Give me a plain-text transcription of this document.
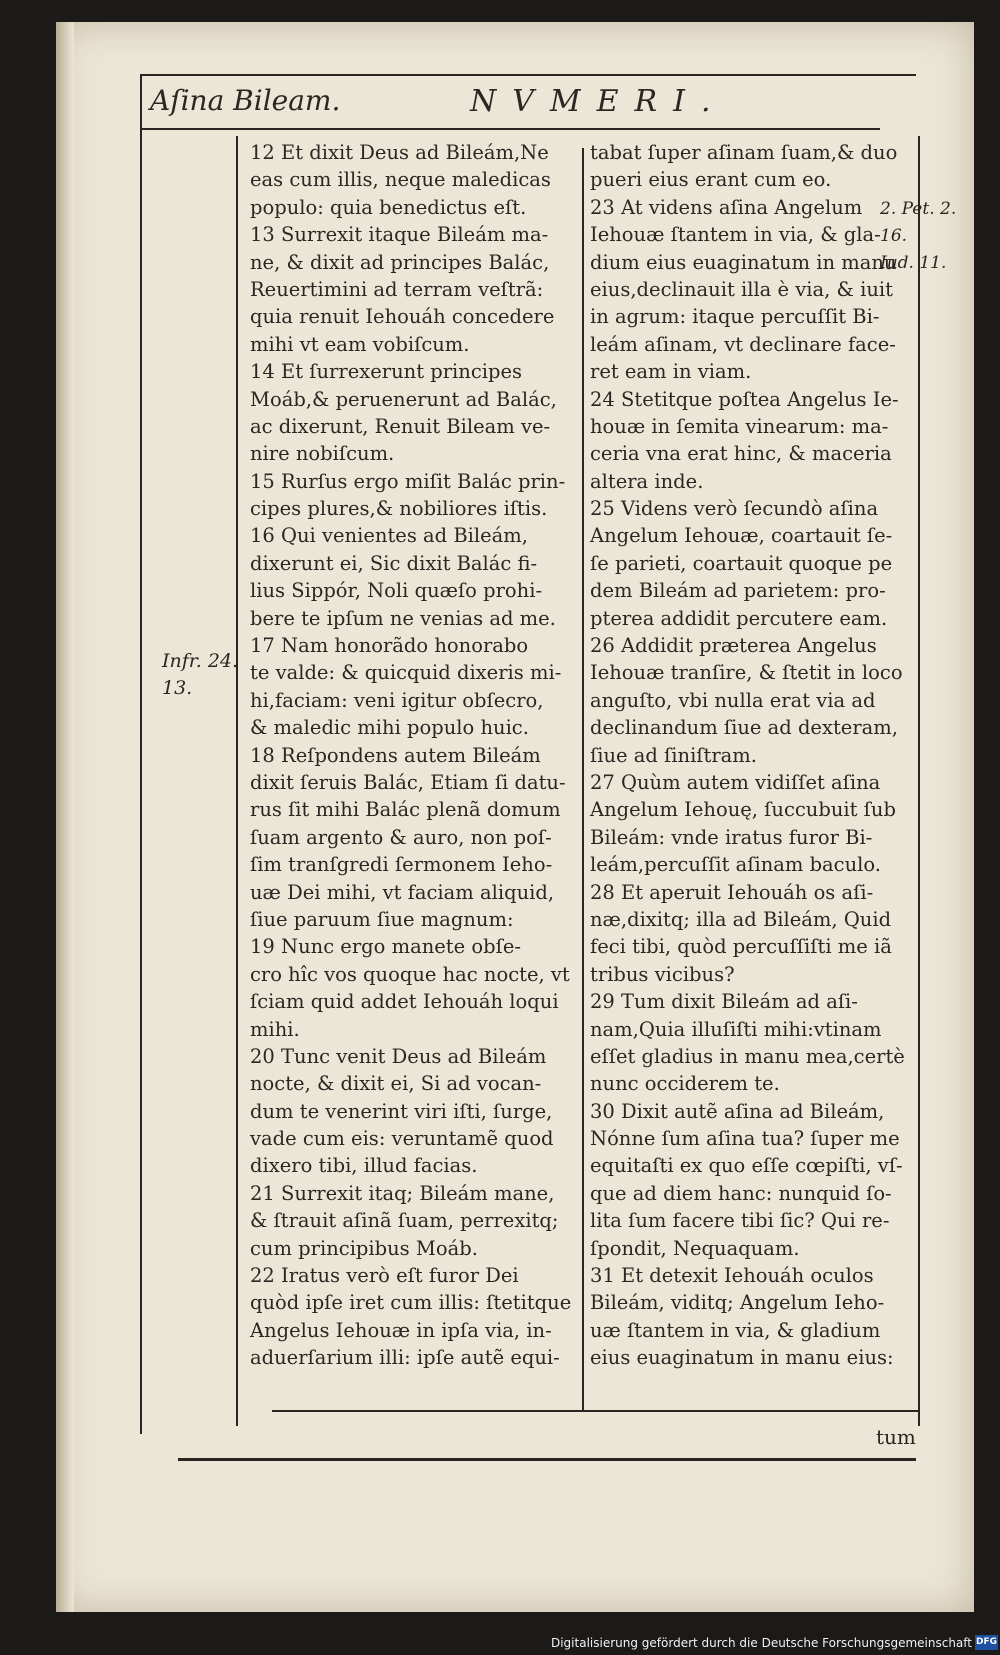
Aſina Bileam.	NVMERI.
12 Et dixit Deus ad Bileám,Ne
eas cum illis, neque maledicas
populo: quia benedictus eſt.
13 Surrexit itaque Bileám ma-
ne, & dixit ad principes Balác,
Reuertimini ad terram veſtrã:
quia renuit Iehouáh concedere
mihi vt eam vobiſcum.
14 Et ſurrexerunt principes
Moáb,& peruenerunt ad Balác,
ac dixerunt, Renuit Bileam ve-
nire nobiſcum.
15 Rurſus ergo miſit Balác prin-
cipes plures,& nobiliores iſtis.
16 Qui venientes ad Bileám,
dixerunt ei, Sic dixit Balác fi-
lius Sippór, Noli quæſo prohi-
bere te ipſum ne venias ad me.
17 Nam honorãdo honorabo
te valde: & quicquid dixeris mi-
hi,faciam: veni igitur obſecro,
& maledic mihi populo huic.
18 Reſpondens autem Bileám
dixit ſeruis Balác, Etiam ſi datu-
rus ſit mihi Balác plenã domum
ſuam argento & auro, non poſ-
ſim tranſgredi ſermonem Ieho-
uæ Dei mihi, vt faciam aliquid,
ſiue paruum ſiue magnum:
19 Nunc ergo manete obſe-
cro hîc vos quoque hac nocte, vt
ſciam quid addet Iehouáh loqui
mihi.
20 Tunc venit Deus ad Bileám
nocte, & dixit ei, Si ad vocan-
dum te venerint viri iſti, ſurge,
vade cum eis: veruntamẽ quod
dixero tibi, illud facias.
21 Surrexit itaq; Bileám mane,
& ſtrauit aſinã ſuam, perrexitq;
cum principibus Moáb.
22 Iratus verò eſt furor Dei
quòd ipſe iret cum illis: ſtetitque
Angelus Iehouæ in ipſa via, in-
aduerſarium illi: ipſe autẽ equi-
tabat ſuper aſinam ſuam,& duo
pueri eius erant cum eo.
23 At videns aſina Angelum
Iehouæ ſtantem in via, & gla-
dium eius euaginatum in manu
eius,declinauit illa è via, & iuit
in agrum: itaque percuſſit Bi-
leám aſinam, vt declinare face-
ret eam in viam.
24 Stetitque poſtea Angelus Ie-
houæ in ſemita vinearum: ma-
ceria vna erat hinc, & maceria
altera inde.
25 Videns verò ſecundò aſina
Angelum Iehouæ, coartauit ſe-
ſe parieti, coartauit quoque pe
dem Bileám ad parietem: pro-
pterea addidit percutere eam.
26 Addidit præterea Angelus
Iehouæ tranſire, & ſtetit in loco
anguſto, vbi nulla erat via ad
declinandum ſiue ad dexteram,
ſiue ad ſiniſtram.
27 Quùm autem vidiſſet aſina
Angelum Iehouę, ſuccubuit ſub
Bileám: vnde iratus furor Bi-
leám,percuſſit aſinam baculo.
28 Et aperuit Iehouáh os aſi-
næ,dixitq; illa ad Bileám, Quid
feci tibi, quòd percuſſiſti me iã
tribus vicibus?
29 Tum dixit Bileám ad aſi-
nam,Quia illuſiſti mihi:vtinam
eſſet gladius in manu mea,certè
nunc occiderem te.
30 Dixit autẽ aſina ad Bileám,
Nónne ſum aſina tua? ſuper me
equitaſti ex quo eſſe cœpiſti, vſ-
que ad diem hanc: nunquid ſo-
lita ſum facere tibi ſic? Qui re-
ſpondit, Nequaquam.
31 Et detexit Iehouáh oculos
Bileám, viditq; Angelum Ieho-
uæ ſtantem in via, & gladium
eius euaginatum in manu eius:
Infr. 24.
13.
2. Pet. 2.
16.
Iud. 11.
tum
Digitalisierung gefördert durch die Deutsche Forschungsgemeinschaft DFG
